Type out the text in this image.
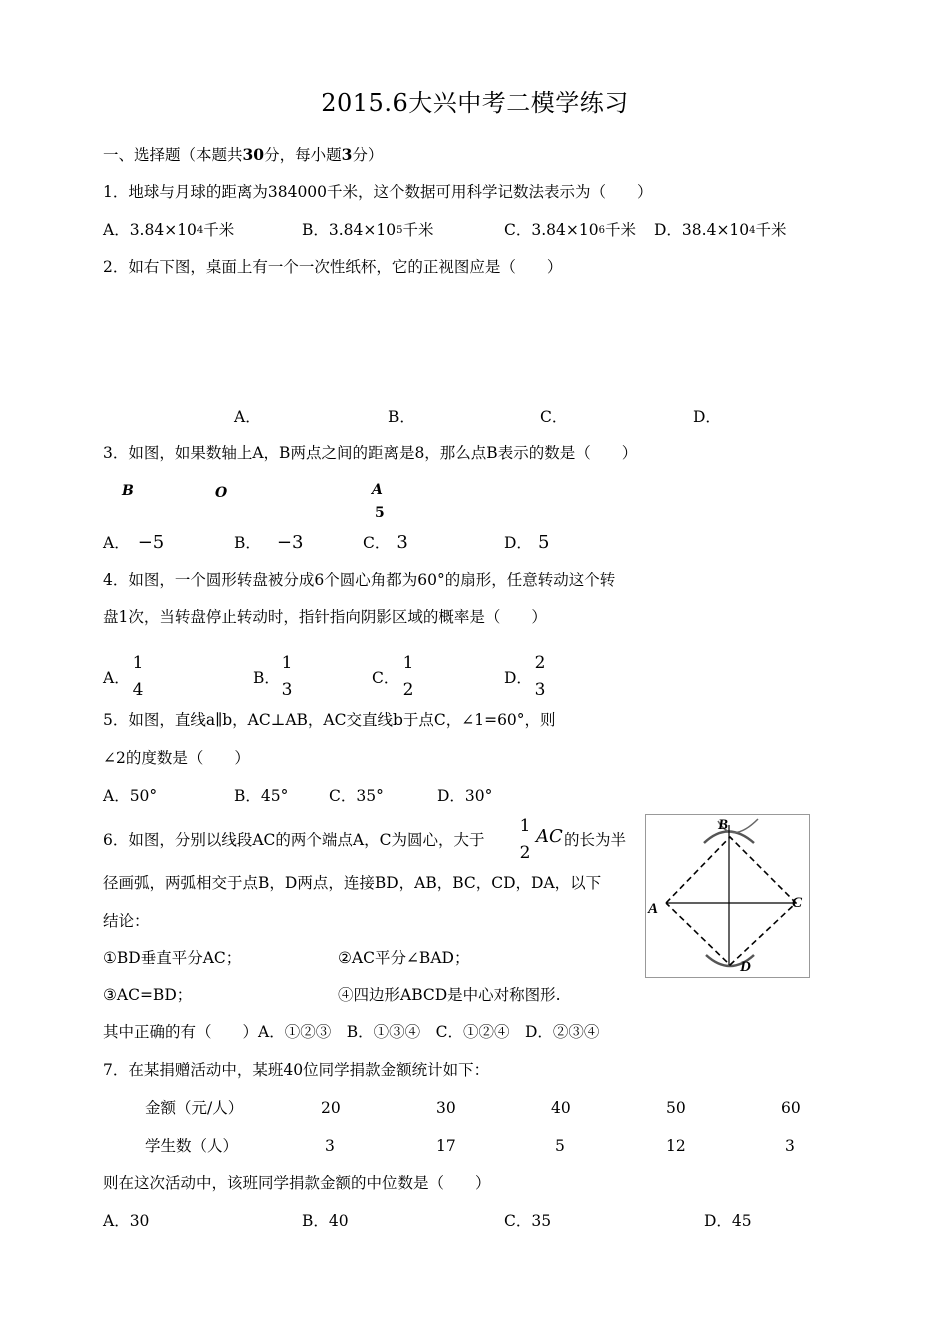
2015.6大兴中考二模学练习
一、选择题（本题共30分，每小题3分）
1．地球与月球的距离为384000千米，这个数据可用科学记数法表示为（　　）
A．$3.84\times 10^4$千米	B．$3.84\times 10^5$千米	C．$3.84\times 10^6$千米 D．$38.4\times 10^4$千米
2．如右下图，桌面上有一个一次性纸杯，它的正视图应是（　　）
A．	B．	C．	D．
3．如图，如果数轴上A，B两点之间的距离是8，那么点B表示的数是（　　）
B	O	A
5
A． −5	B． −3	C． 3	D． 5
4．如图，一个圆形转盘被分成6个圆心角都为60°的扇形，任意转动这个转
盘1次，当转盘停止转动时，指针指向阴影区域的概率是（　　）
A．
1
4
B．
1
3
C．
1
2
D．
2
3
5．如图，直线a∥b，AC⊥AB，AC交直线b于点C，∠1=60°，则
∠2的度数是（　　）
A．50°	B．45°	C．35°	D．30°
6．如图，分别以线段AC的两个端点A，C为圆心，大于
1
2
AC 的长为半
径画弧，两弧相交于点B，D两点，连接BD，AB，BC，CD，DA，以下
结论：
①BD垂直平分AC；	②AC平分∠BAD；
③AC=BD；	④四边形ABCD是中心对称图形.
其中正确的有（　　）A．①②③　B．①③④　C．①②④　D．②③④
B
A	C
D
7．在某捐赠活动中，某班40位同学捐款金额统计如下：
金额（元/人）	20	30	40	50	60
学生数（人）	3	17	5	12	3
则在这次活动中，该班同学捐款金额的中位数是（　　）
A．30	B．40	C．35	D．45
